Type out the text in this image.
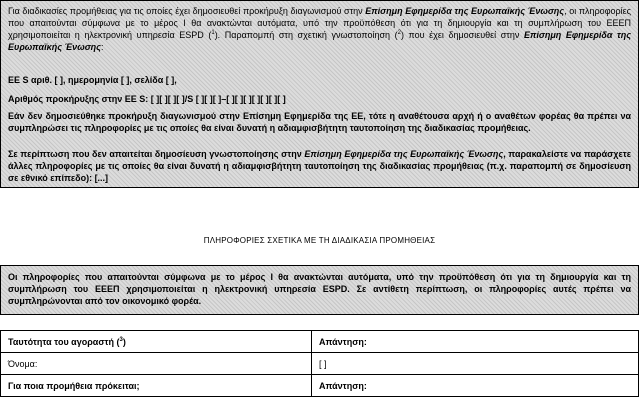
Για διαδικασίες προμήθειας για τις οποίες έχει δημοσιευθεί προκήρυξη διαγωνισμού στην Επίσημη Εφημερίδα της Ευρωπαϊκής Ένωσης, οι πληροφορίες που απαιτούνται σύμφωνα με το μέρος Ι θα ανακτώνται αυτόματα, υπό την προϋπόθεση ότι για τη δημιουργία και τη συμπλήρωση του ΕΕΕΠ χρησιμοποιείται η ηλεκτρονική υπηρεσία ESPD ($^1$). Παραπομπή στη σχετική γνωστοποίηση ($^2$) που έχει δημοσιευθεί στην Επίσημη Εφημερίδα της Ευρωπαϊκής Ένωσης:

ΕΕ S αριθ. [ ], ημερομηνία [ ], σελίδα [ ],

Αριθμός προκήρυξης στην ΕΕ S: [ ][ ][ ][ ]/S [ ][ ][ ]–[ ][ ][ ][ ][ ][ ][ ]

Εάν δεν δημοσιεύθηκε προκήρυξη διαγωνισμού στην Επίσημη Εφημερίδα της ΕΕ, τότε η αναθέτουσα αρχή ή ο αναθέτων φορέας θα πρέπει να συμπληρώσει τις πληροφορίες με τις οποίες θα είναι δυνατή η αδιαμφισβήτητη ταυτοποίηση της διαδικασίας προμήθειας.

Σε περίπτωση που δεν απαιτείται δημοσίευση γνωστοποίησης στην Επίσημη Εφημερίδα της Ευρωπαϊκής Ένωσης, παρακαλείστε να παράσχετε άλλες πληροφορίες με τις οποίες θα είναι δυνατή η αδιαμφισβήτητη ταυτοποίηση της διαδικασίας προμήθειας (π.χ. παραπομπή σε δημοσίευση σε εθνικό επίπεδο): [...]

ΠΛΗΡΟΦΟΡΙΕΣ ΣΧΕΤΙΚΑ ΜΕ ΤΗ ΔΙΑΔΙΚΑΣΙΑ ΠΡΟΜΗΘΕΙΑΣ

Οι πληροφορίες που απαιτούνται σύμφωνα με το μέρος Ι θα ανακτώνται αυτόματα, υπό την προϋπόθεση ότι για τη δημιουργία και τη συμπλήρωση του ΕΕΕΠ χρησιμοποιείται η ηλεκτρονική υπηρεσία ESPD. Σε αντίθετη περίπτωση, οι πληροφορίες αυτές πρέπει να συμπληρώνονται από τον οικονομικό φορέα.

Ταυτότητα του αγοραστή ($^3$)	Απάντηση:
Όνομα:	[ ]
Για ποια προμήθεια πρόκειται;	Απάντηση:
